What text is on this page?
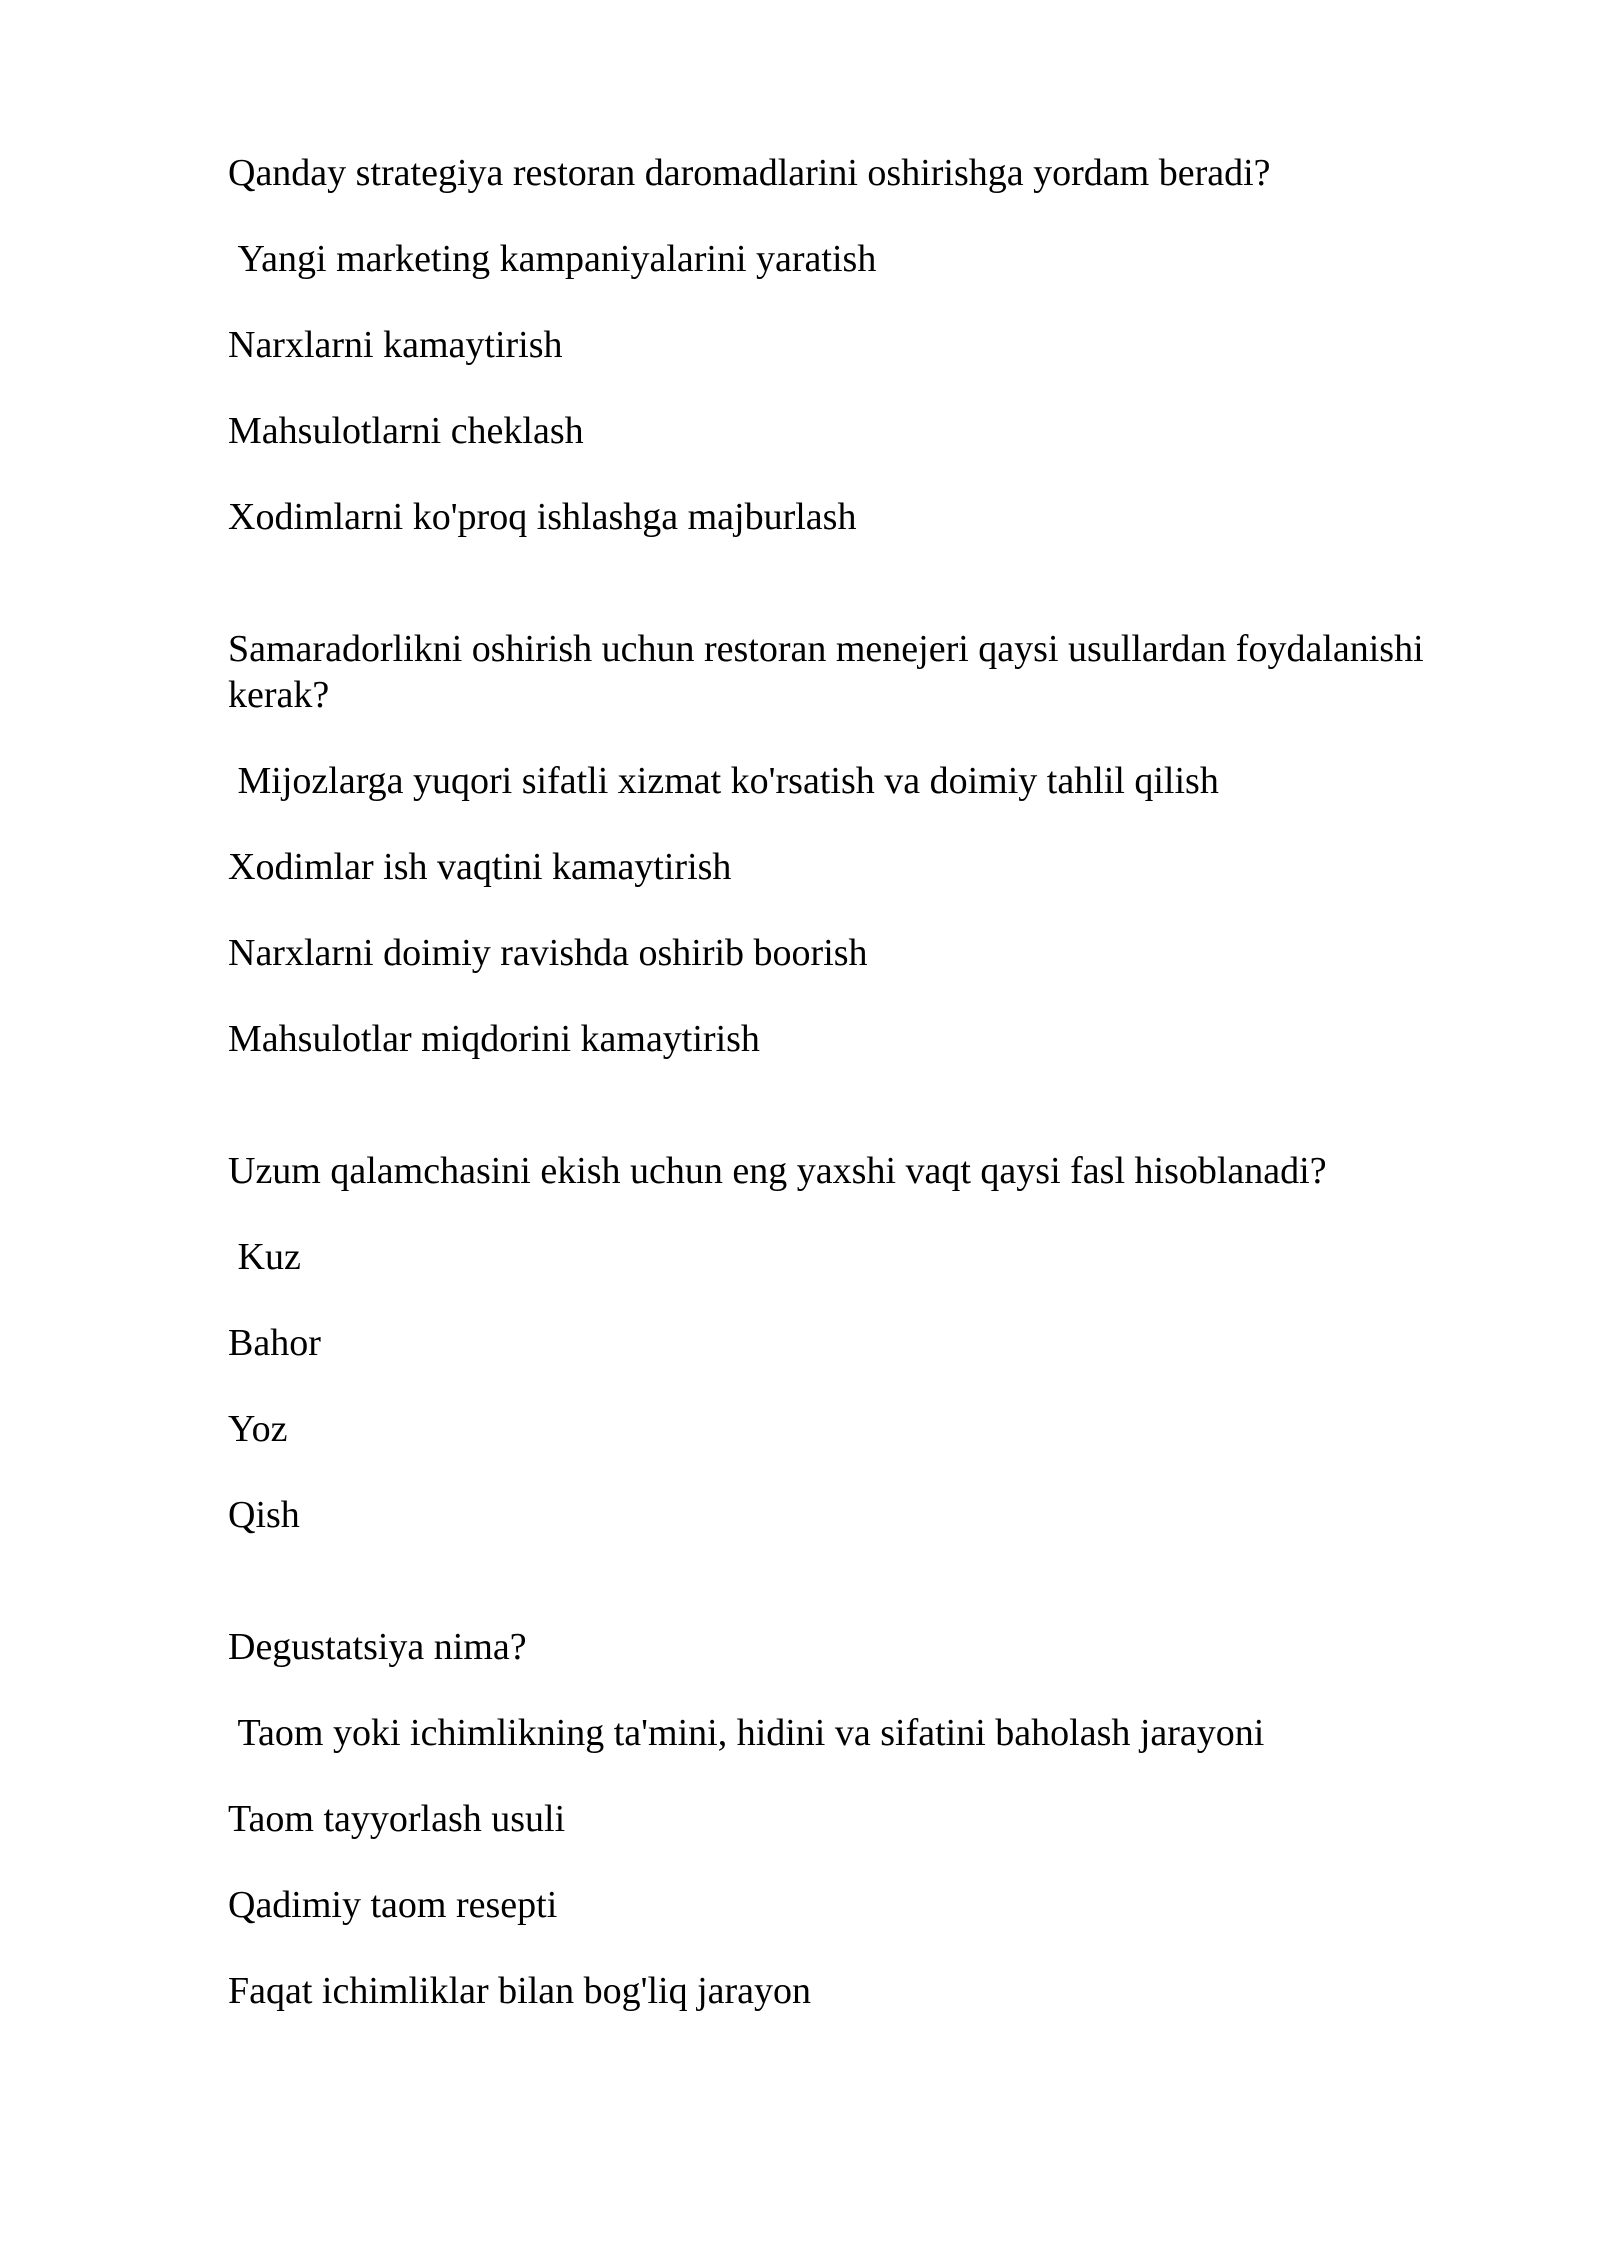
Qanday strategiya restoran daromadlarini oshirishga yordam beradi?

Yangi marketing kampaniyalarini yaratish

Narxlarni kamaytirish

Mahsulotlarni cheklash

Xodimlarni ko'proq ishlashga majburlash

Samaradorlikni oshirish uchun restoran menejeri qaysi usullardan foydalanishi kerak?

Mijozlarga yuqori sifatli xizmat ko'rsatish va doimiy tahlil qilish

Xodimlar ish vaqtini kamaytirish

Narxlarni doimiy ravishda oshirib boorish

Mahsulotlar miqdorini kamaytirish

Uzum qalamchasini ekish uchun eng yaxshi vaqt qaysi fasl hisoblanadi?

Kuz

Bahor

Yoz

Qish

Degustatsiya nima?

Taom yoki ichimlikning ta'mini, hidini va sifatini baholash jarayoni

Taom tayyorlash usuli

Qadimiy taom resepti

Faqat ichimliklar bilan bog'liq jarayon
